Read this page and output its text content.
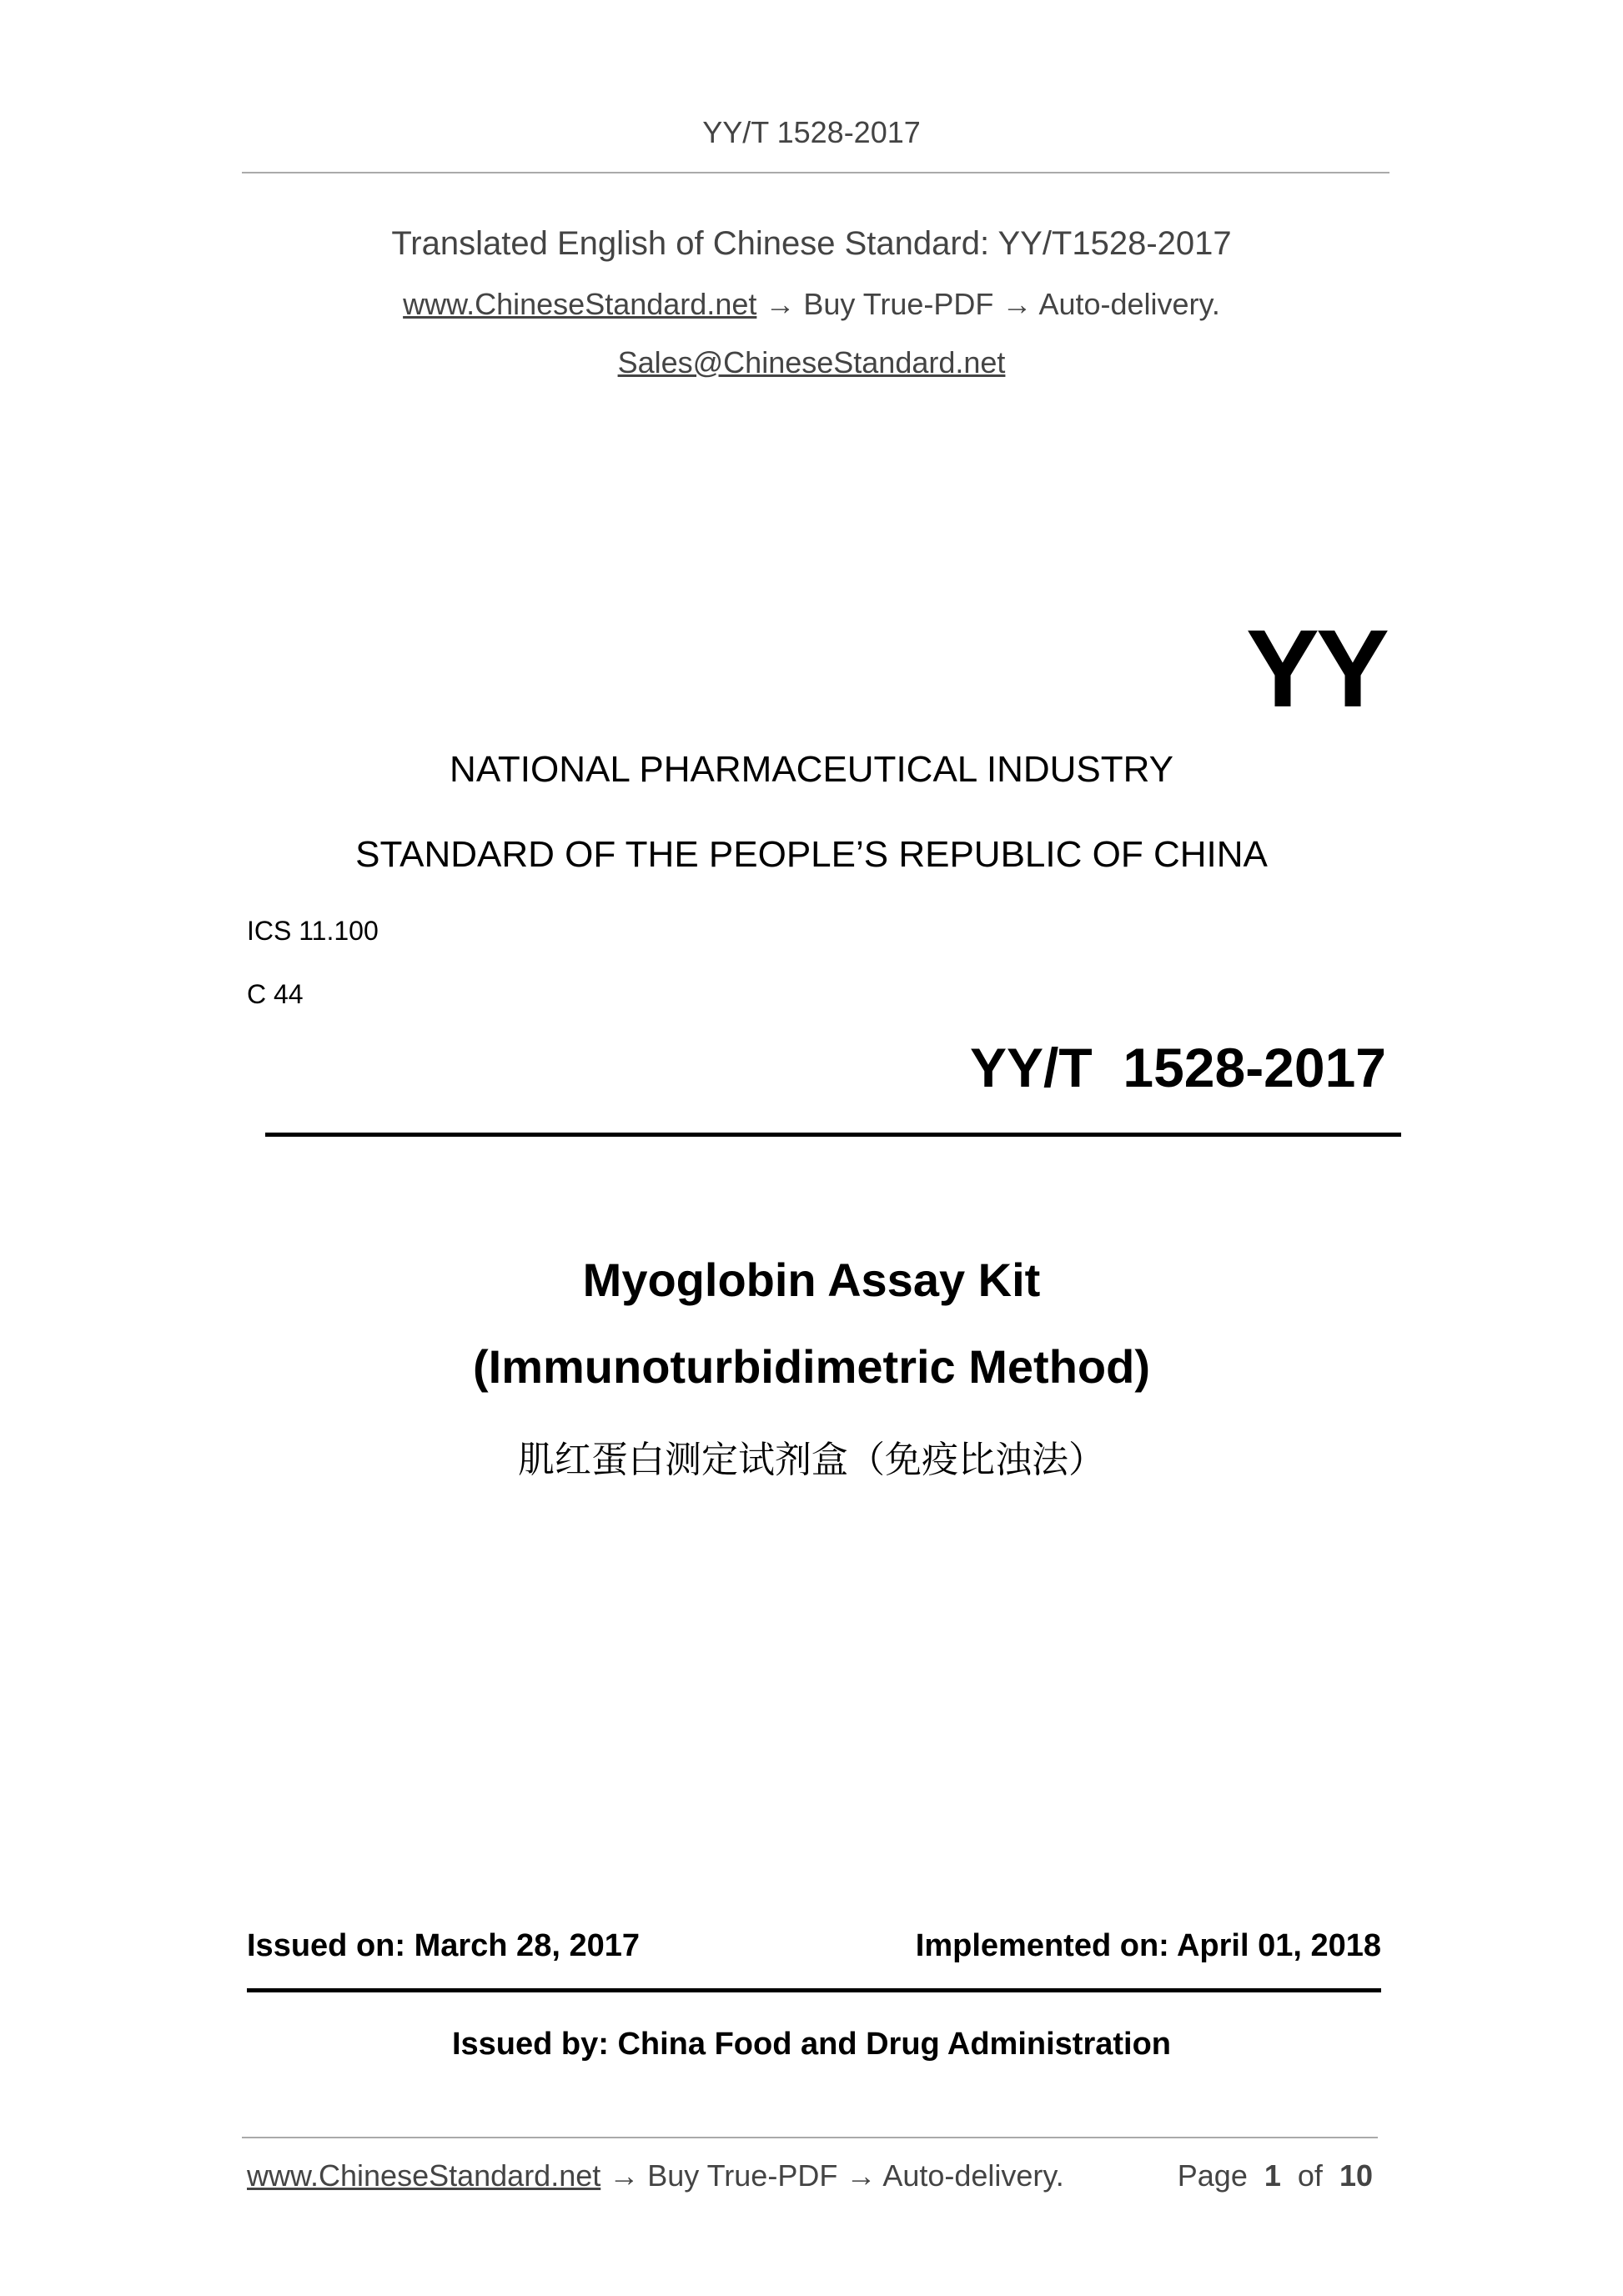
YY/T 1528-2017
Translated English of Chinese Standard: YY/T1528-2017
www.ChineseStandard.net → Buy True-PDF → Auto-delivery.
Sales@ChineseStandard.net
YY
NATIONAL PHARMACEUTICAL INDUSTRY
STANDARD OF THE PEOPLE’S REPUBLIC OF CHINA
ICS 11.100
C 44
YY/T  1528-2017
Myoglobin Assay Kit
(Immunoturbidimetric Method)
肌红蛋白测定试剂盒（免疫比浊法）
Issued on: March 28, 2017	Implemented on: April 01, 2018
Issued by: China Food and Drug Administration
www.ChineseStandard.net → Buy True-PDF → Auto-delivery.	Page 1 of 10
